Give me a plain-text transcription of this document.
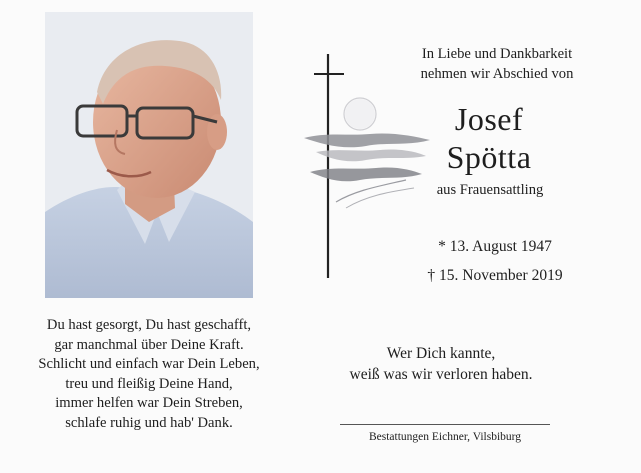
Du hast gesorgt, Du hast geschafft,
gar manchmal über Deine Kraft.
Schlicht und einfach war Dein Leben,
treu und fleißig Deine Hand,
immer helfen war Dein Streben,
schlafe ruhig und hab' Dank.
In Liebe und Dankbarkeit
nehmen wir Abschied von
Josef
Spötta
aus Frauensattling
* 13. August 1947
† 15. November 2019
Wer Dich kannte,
weiß was wir verloren haben.
Bestattungen Eichner, Vilsbiburg
